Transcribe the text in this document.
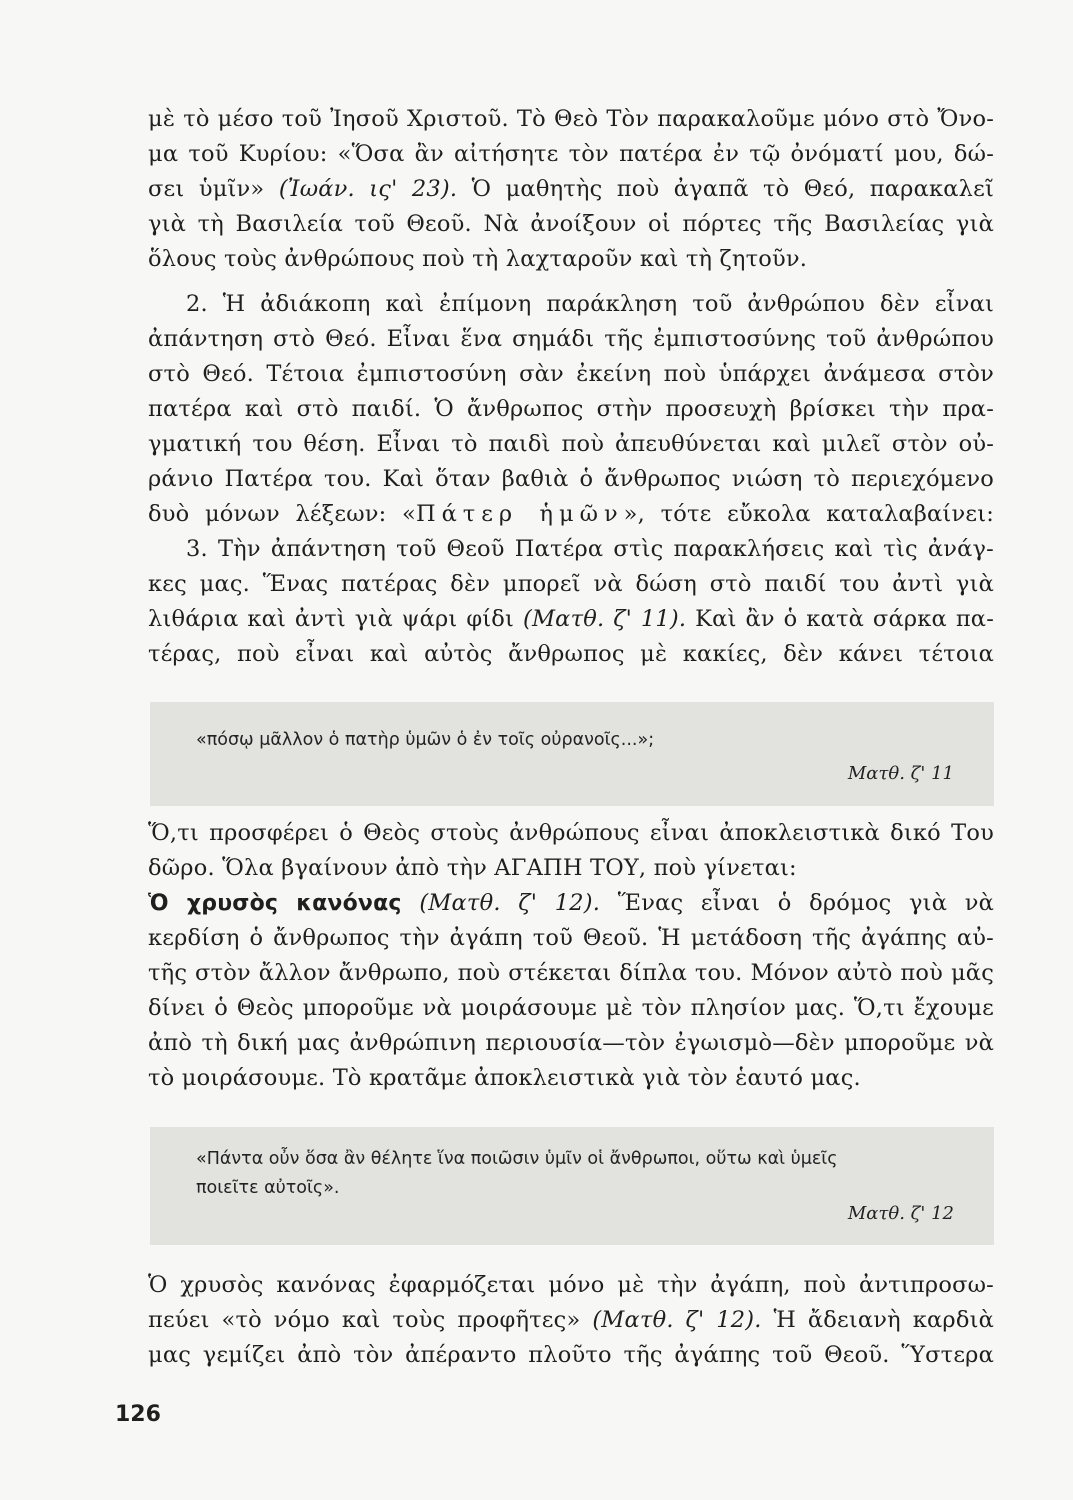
μὲ τὸ μέσο τοῦ Ἰησοῦ Χριστοῦ. Τὸ Θεὸ Τὸν παρακαλοῦμε μόνο στὸ Ὄνο-
μα τοῦ Κυρίου: «Ὅσα ἂν αἰτήσητε τὸν πατέρα ἐν τῷ ὀνόματί μου, δώ-
σει ὑμῖν» (Ἰωάν. ις' 23). Ὁ μαθητὴς ποὺ ἀγαπᾶ τὸ Θεό, παρακαλεῖ
γιὰ τὴ Βασιλεία τοῦ Θεοῦ. Νὰ ἀνοίξουν οἱ πόρτες τῆς Βασιλείας γιὰ
ὅλους τοὺς ἀνθρώπους ποὺ τὴ λαχταροῦν καὶ τὴ ζητοῦν.
2. Ἡ ἀδιάκοπη καὶ ἐπίμονη παράκληση τοῦ ἀνθρώπου δὲν εἶναι
ἀπάντηση στὸ Θεό. Εἶναι ἕνα σημάδι τῆς ἐμπιστοσύνης τοῦ ἀνθρώπου
στὸ Θεό. Τέτοια ἐμπιστοσύνη σὰν ἐκείνη ποὺ ὑπάρχει ἀνάμεσα στὸν
πατέρα καὶ στὸ παιδί. Ὁ ἄνθρωπος στὴν προσευχὴ βρίσκει τὴν πρα-
γματική του θέση. Εἶναι τὸ παιδὶ ποὺ ἀπευθύνεται καὶ μιλεῖ στὸν οὐ-
ράνιο Πατέρα του. Καὶ ὅταν βαθιὰ ὁ ἄνθρωπος νιώση τὸ περιεχόμενο
δυὸ μόνων λέξεων: «Πάτερ ἡμῶν», τότε εὔκολα καταλαβαίνει:
3. Τὴν ἀπάντηση τοῦ Θεοῦ Πατέρα στὶς παρακλήσεις καὶ τὶς ἀνάγ-
κες μας. Ἕνας πατέρας δὲν μπορεῖ νὰ δώση στὸ παιδί του ἀντὶ γιὰ
λιθάρια καὶ ἀντὶ γιὰ ψάρι φίδι (Ματθ. ζ' 11). Καὶ ἂν ὁ κατὰ σάρκα πα-
τέρας, ποὺ εἶναι καὶ αὐτὸς ἄνθρωπος μὲ κακίες, δὲν κάνει τέτοια
«πόσῳ μᾶλλον ὁ πατὴρ ὑμῶν ὁ ἐν τοῖς οὐρανοῖς...»;
Ματθ. ζ' 11
Ὅ,τι προσφέρει ὁ Θεὸς στοὺς ἀνθρώπους εἶναι ἀποκλειστικὰ δικό Του
δῶρο. Ὅλα βγαίνουν ἀπὸ τὴν ΑΓΑΠΗ ΤΟΥ, ποὺ γίνεται:
Ὁ χρυσὸς κανόνας (Ματθ. ζ' 12). Ἕνας εἶναι ὁ δρόμος γιὰ νὰ
κερδίση ὁ ἄνθρωπος τὴν ἀγάπη τοῦ Θεοῦ. Ἡ μετάδοση τῆς ἀγάπης αὐ-
τῆς στὸν ἄλλον ἄνθρωπο, ποὺ στέκεται δίπλα του. Μόνον αὐτὸ ποὺ μᾶς
δίνει ὁ Θεὸς μποροῦμε νὰ μοιράσουμε μὲ τὸν πλησίον μας. Ὅ,τι ἔχουμε
ἀπὸ τὴ δική μας ἀνθρώπινη περιουσία—τὸν ἐγωισμὸ—δὲν μποροῦμε νὰ
τὸ μοιράσουμε. Τὸ κρατᾶμε ἀποκλειστικὰ γιὰ τὸν ἑαυτό μας.
«Πάντα οὖν ὅσα ἂν θέλητε ἵνα ποιῶσιν ὑμῖν οἱ ἄνθρωποι, οὕτω καὶ ὑμεῖς
ποιεῖτε αὐτοῖς».
Ματθ. ζ' 12
Ὁ χρυσὸς κανόνας ἐφαρμόζεται μόνο μὲ τὴν ἀγάπη, ποὺ ἀντιπροσω-
πεύει «τὸ νόμο καὶ τοὺς προφῆτες» (Ματθ. ζ' 12). Ἡ ἄδειανὴ καρδιὰ
μας γεμίζει ἀπὸ τὸν ἀπέραντο πλοῦτο τῆς ἀγάπης τοῦ Θεοῦ. Ὕστερα
126
